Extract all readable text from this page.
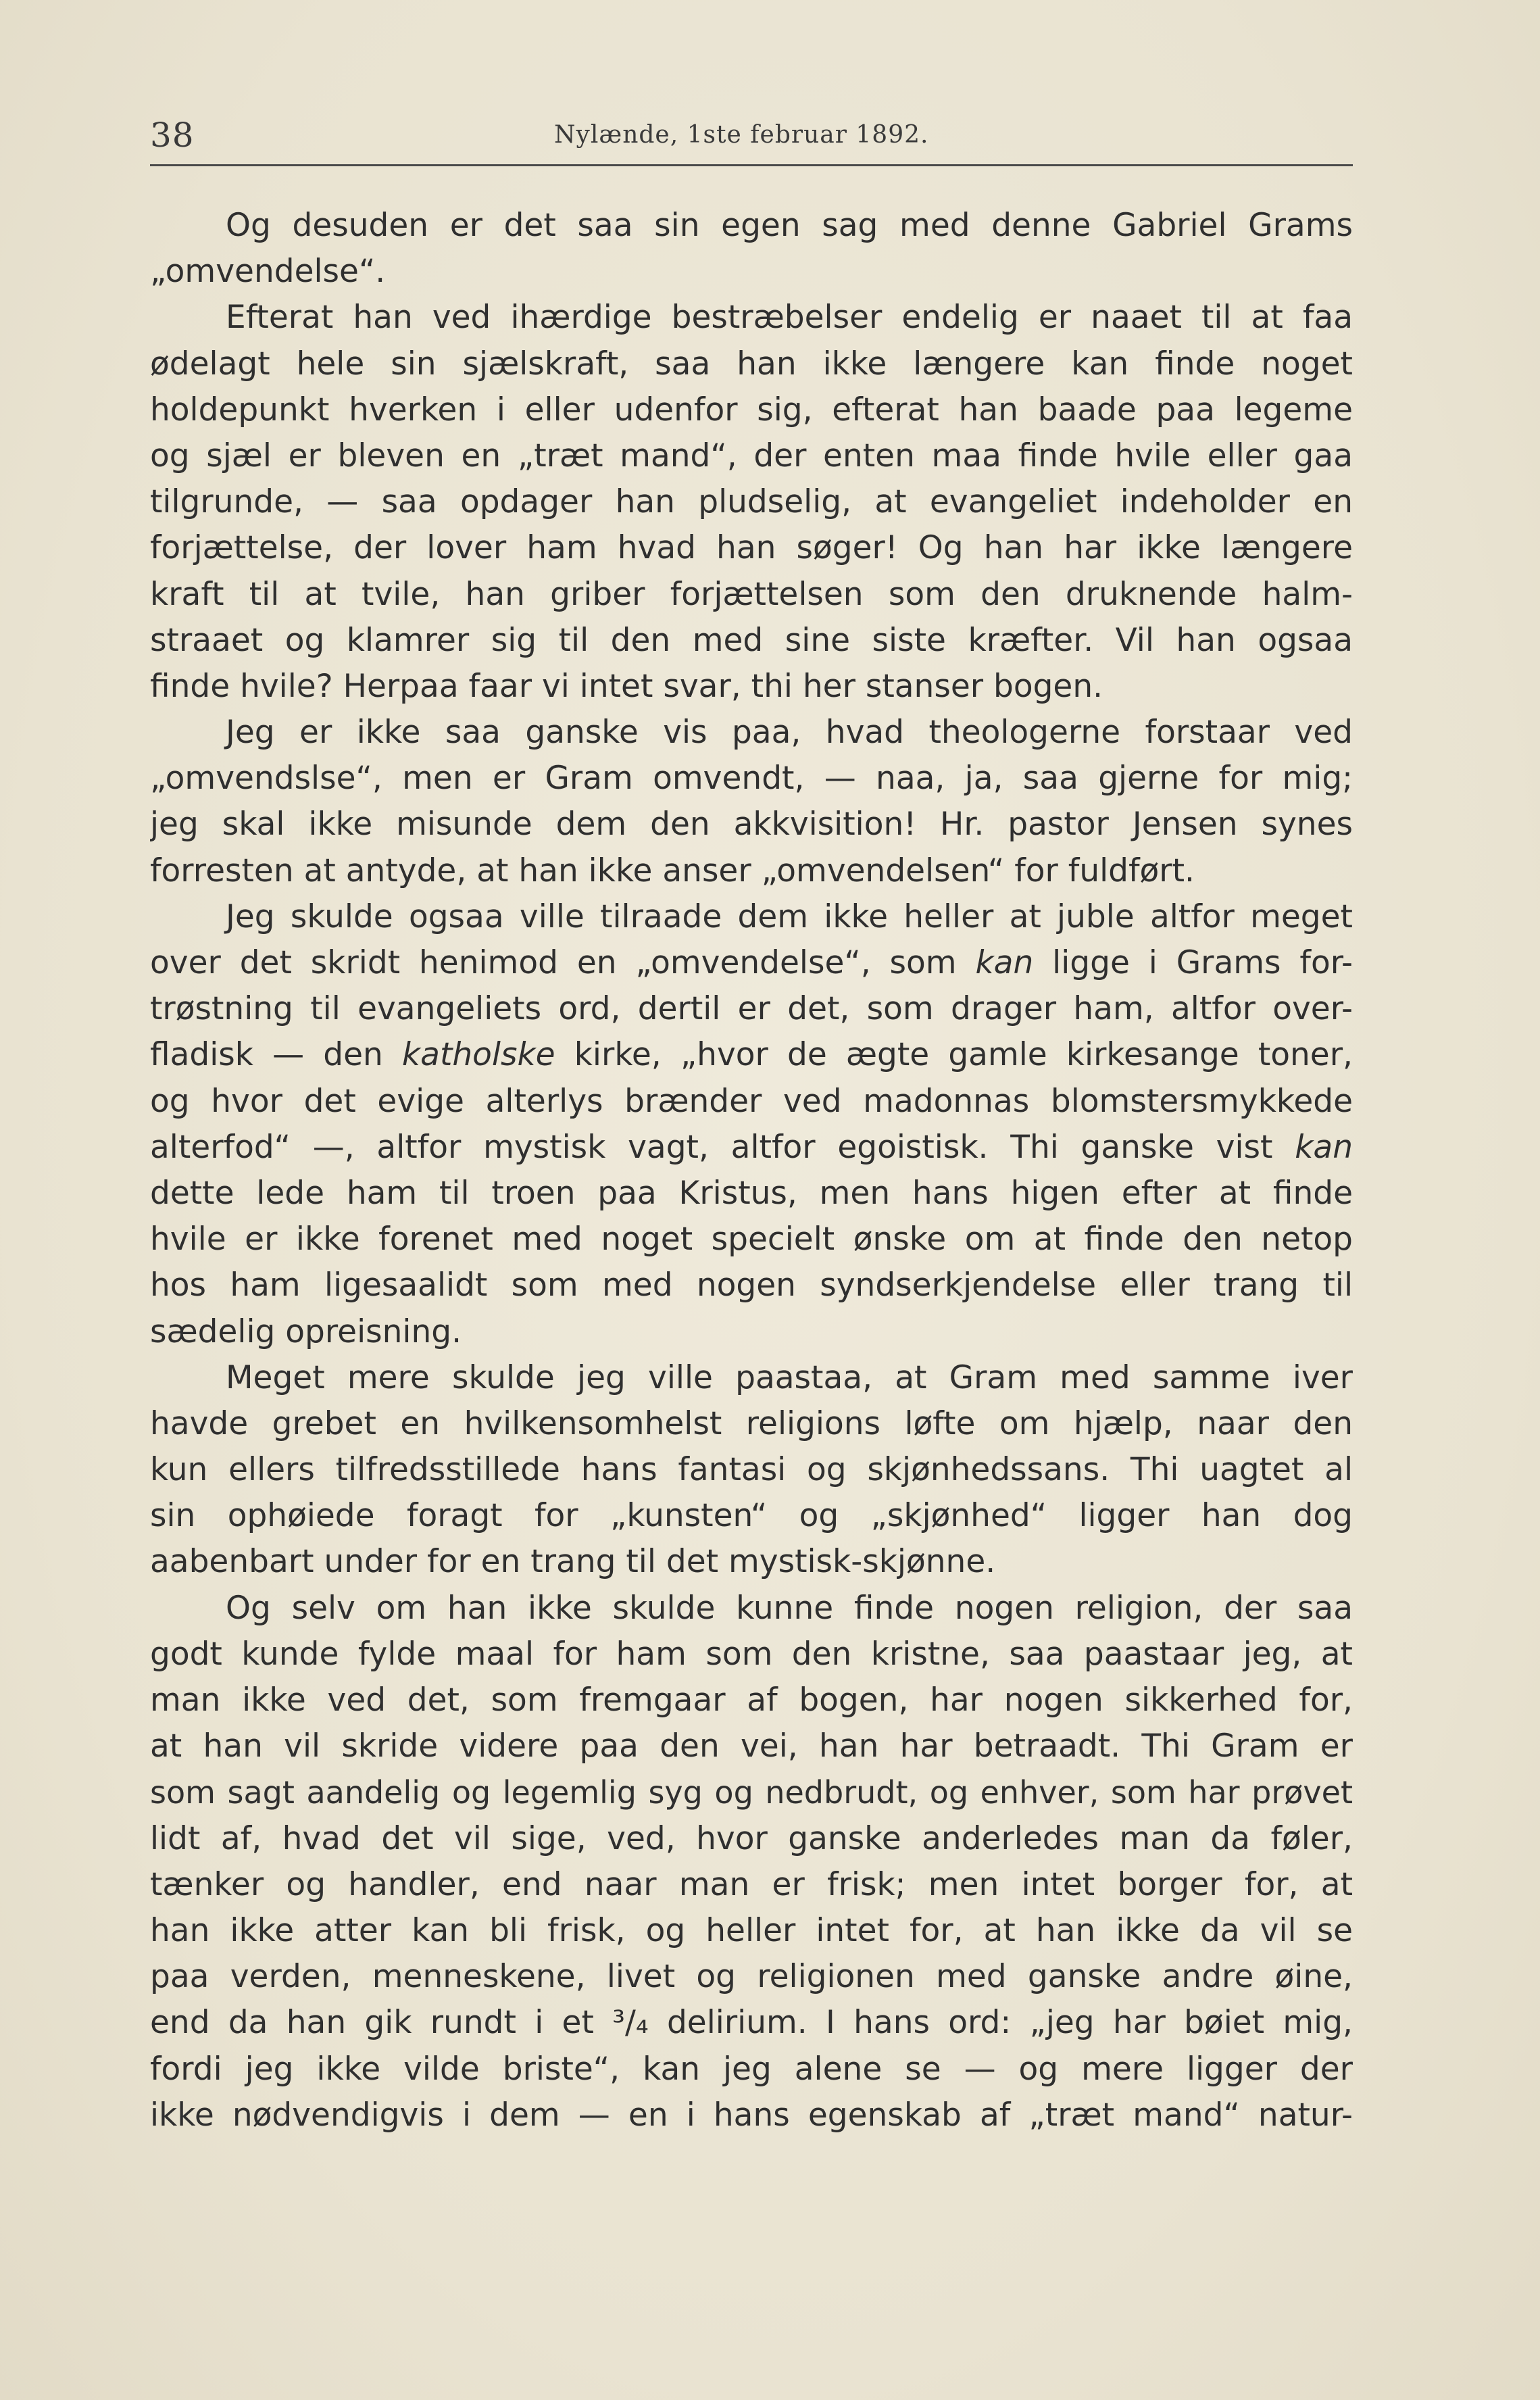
38	Nylænde, 1ste februar 1892.
Og desuden er det saa sin egen sag med denne Gabriel Grams
„omvendelse“.
Efterat han ved ihærdige bestræbelser endelig er naaet til at faa
ødelagt hele sin sjælskraft, saa han ikke længere kan finde noget
holdepunkt hverken i eller udenfor sig, efterat han baade paa legeme
og sjæl er bleven en „træt mand“, der enten maa finde hvile eller gaa
tilgrunde, — saa opdager han pludselig, at evangeliet indeholder en
forjættelse, der lover ham hvad han søger! Og han har ikke længere
kraft til at tvile, han griber forjættelsen som den druknende halm-
straaet og klamrer sig til den med sine siste kræfter. Vil han ogsaa
finde hvile? Herpaa faar vi intet svar, thi her stanser bogen.
Jeg er ikke saa ganske vis paa, hvad theologerne forstaar ved
„omvendslse“, men er Gram omvendt, — naa, ja, saa gjerne for mig;
jeg skal ikke misunde dem den akkvisition! Hr. pastor Jensen synes
forresten at antyde, at han ikke anser „omvendelsen“ for fuldført.
Jeg skulde ogsaa ville tilraade dem ikke heller at juble altfor meget
over det skridt henimod en „omvendelse“, som kan ligge i Grams for-
trøstning til evangeliets ord, dertil er det, som drager ham, altfor over-
fladisk — den katholske kirke, „hvor de ægte gamle kirkesange toner,
og hvor det evige alterlys brænder ved madonnas blomstersmykkede
alterfod“ —, altfor mystisk vagt, altfor egoistisk. Thi ganske vist kan
dette lede ham til troen paa Kristus, men hans higen efter at finde
hvile er ikke forenet med noget specielt ønske om at finde den netop
hos ham ligesaalidt som med nogen syndserkjendelse eller trang til
sædelig opreisning.
Meget mere skulde jeg ville paastaa, at Gram med samme iver
havde grebet en hvilkensomhelst religions løfte om hjælp, naar den
kun ellers tilfredsstillede hans fantasi og skjønhedssans. Thi uagtet al
sin ophøiede foragt for „kunsten“ og „skjønhed“ ligger han dog
aabenbart under for en trang til det mystisk-skjønne.
Og selv om han ikke skulde kunne finde nogen religion, der saa
godt kunde fylde maal for ham som den kristne, saa paastaar jeg, at
man ikke ved det, som fremgaar af bogen, har nogen sikkerhed for,
at han vil skride videre paa den vei, han har betraadt. Thi Gram er
som sagt aandelig og legemlig syg og nedbrudt, og enhver, som har prøvet
lidt af, hvad det vil sige, ved, hvor ganske anderledes man da føler,
tænker og handler, end naar man er frisk; men intet borger for, at
han ikke atter kan bli frisk, og heller intet for, at han ikke da vil se
paa verden, menneskene, livet og religionen med ganske andre øine,
end da han gik rundt i et ³/₄ delirium. I hans ord: „jeg har bøiet mig,
fordi jeg ikke vilde briste“, kan jeg alene se — og mere ligger der
ikke nødvendigvis i dem — en i hans egenskab af „træt mand“ natur-
